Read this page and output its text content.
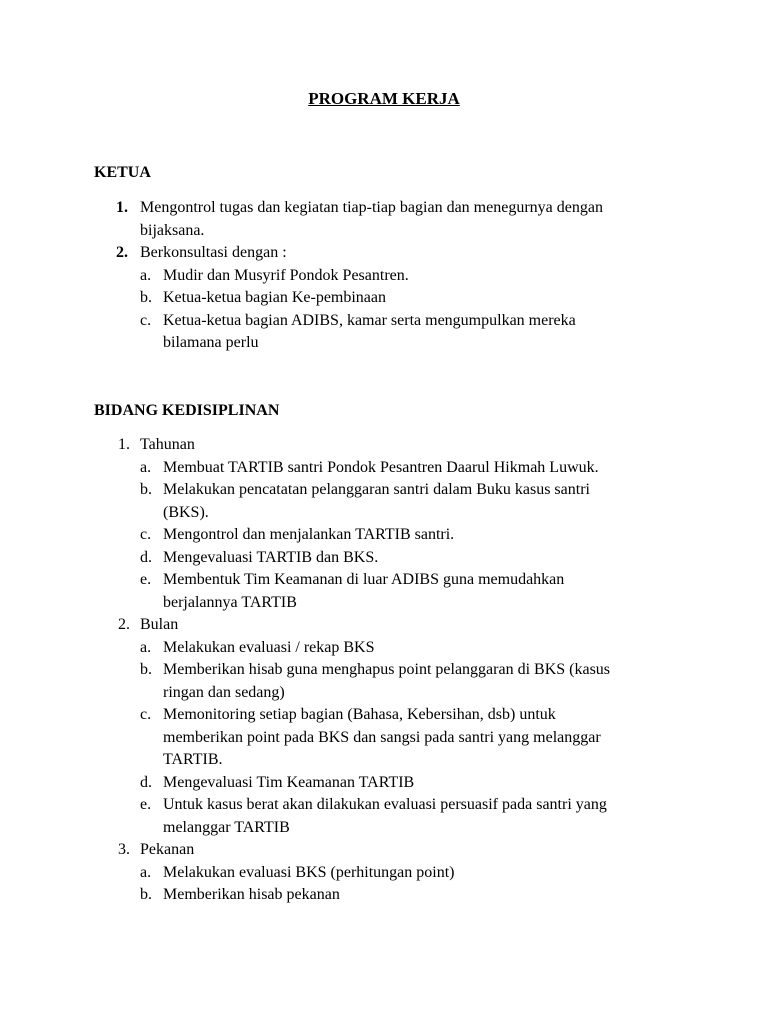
PROGRAM KERJA
KETUA
1. Mengontrol tugas dan kegiatan tiap-tiap bagian dan menegurnya dengan
bijaksana.
2. Berkonsultasi dengan :
a. Mudir dan Musyrif Pondok Pesantren.
b. Ketua-ketua bagian Ke-pembinaan
c. Ketua-ketua bagian ADIBS, kamar serta mengumpulkan mereka
bilamana perlu
BIDANG KEDISIPLINAN
1. Tahunan
a. Membuat TARTIB santri Pondok Pesantren Daarul Hikmah Luwuk.
b. Melakukan pencatatan pelanggaran santri dalam Buku kasus santri
(BKS).
c. Mengontrol dan menjalankan TARTIB santri.
d. Mengevaluasi TARTIB dan BKS.
e. Membentuk Tim Keamanan di luar ADIBS guna memudahkan
berjalannya TARTIB
2. Bulan
a. Melakukan evaluasi / rekap BKS
b. Memberikan hisab guna menghapus point pelanggaran di BKS (kasus
ringan dan sedang)
c. Memonitoring setiap bagian (Bahasa, Kebersihan, dsb) untuk
memberikan point pada BKS dan sangsi pada santri yang melanggar
TARTIB.
d. Mengevaluasi Tim Keamanan TARTIB
e. Untuk kasus berat akan dilakukan evaluasi persuasif pada santri yang
melanggar TARTIB
3. Pekanan
a. Melakukan evaluasi BKS (perhitungan point)
b. Memberikan hisab pekanan
